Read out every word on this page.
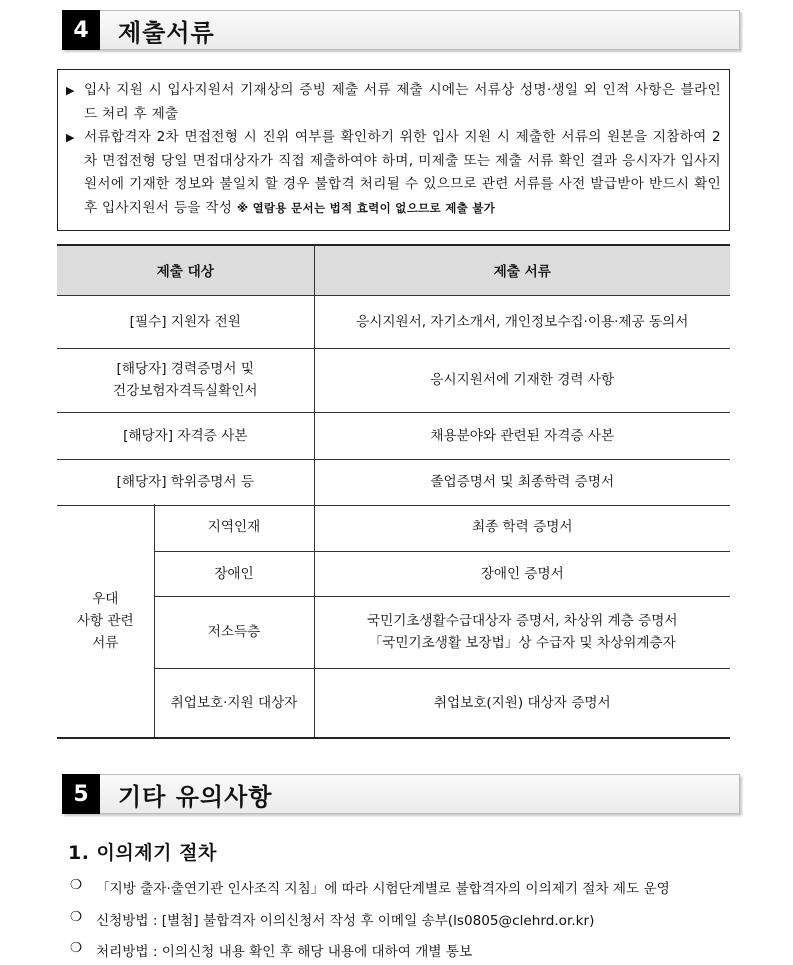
4	제출서류
▶ 입사 지원 시 입사지원서 기재상의 증빙 제출 서류 제출 시에는 서류상 성명·생일 외 인적 사항은 블라인드 처리 후 제출
▶ 서류합격자 2차 면접전형 시 진위 여부를 확인하기 위한 입사 지원 시 제출한 서류의 원본을 지참하여 2차 면접전형 당일 면접대상자가 직접 제출하여야 하며, 미제출 또는 제출 서류 확인 결과 응시자가 입사지원서에 기재한 정보와 불일치 할 경우 불합격 처리될 수 있으므로 관련 서류를 사전 발급받아 반드시 확인 후 입사지원서 등을 작성 ※ 열람용 문서는 법적 효력이 없으므로 제출 불가
제출 대상	제출 서류
[필수] 지원자 전원	응시지원서, 자기소개서, 개인정보수집·이용·제공 동의서

[해당자] 경력증명서 및
건강보험자격득실확인서	응시지원서에 기재한 경력 사항
[해당자] 자격증 사본	채용분야와 관련된 자격증 사본
[해당자] 학위증명서 등	졸업증명서 및 최종학력 증명서
우대
사항 관련
서류	지역인재	최종 학력 증명서
	장애인	장애인 증명서
	저소득층	국민기초생활수급대상자 증명서, 차상위 계층 증명서
「국민기초생활 보장법」상 수급자 및 차상위계층자

	취업보호·지원 대상자	취업보호(지원) 대상자 증명서
5	기타 유의사항
1. 이의제기 절차
❍	「지방 출자·출연기관 인사조직 지침」에 따라 시험단계별로 불합격자의 이의제기 절차 제도 운영
❍	신청방법 : [별첨] 불합격자 이의신청서 작성 후 이메일 송부(ls0805@clehrd.or.kr)
❍	처리방법 : 이의신청 내용 확인 후 해당 내용에 대하여 개별 통보
